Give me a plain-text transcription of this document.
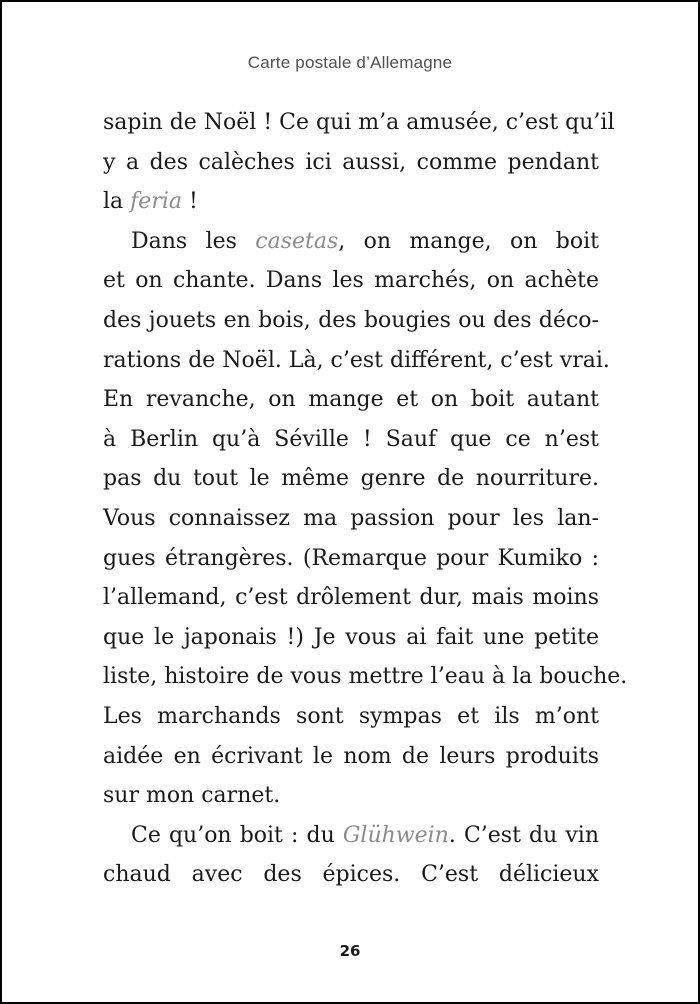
Carte postale d’Allemagne
sapin de Noël ! Ce qui m’a amusée, c’est qu’il
y a des calèches ici aussi, comme pendant
la feria !
Dans les casetas, on mange, on boit
et on chante. Dans les marchés, on achète
des jouets en bois, des bougies ou des déco-
rations de Noël. Là, c’est différent, c’est vrai.
En revanche, on mange et on boit autant
à Berlin qu’à Séville ! Sauf que ce n’est
pas du tout le même genre de nourriture.
Vous connaissez ma passion pour les lan-
gues étrangères. (Remarque pour Kumiko :
l’allemand, c’est drôlement dur, mais moins
que le japonais !) Je vous ai fait une petite
liste, histoire de vous mettre l’eau à la bouche.
Les marchands sont sympas et ils m’ont
aidée en écrivant le nom de leurs produits
sur mon carnet.
Ce qu’on boit : du Glühwein. C’est du vin
chaud avec des épices. C’est délicieux
26
